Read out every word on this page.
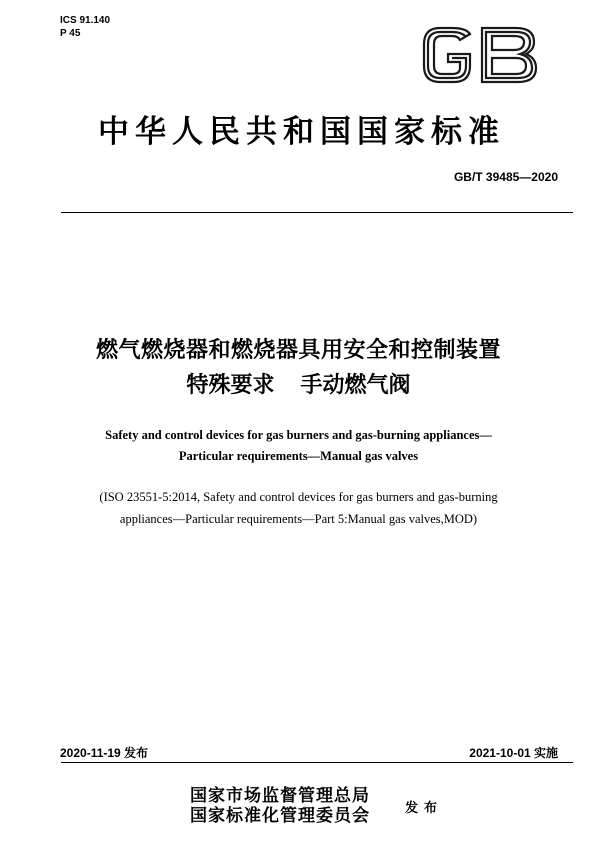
ICS 91.140
P 45
中华人民共和国国家标准
GB/T 39485—2020
燃气燃烧器和燃烧器具用安全和控制装置
特殊要求 手动燃气阀
Safety and control devices for gas burners and gas-burning appliances—
Particular requirements—Manual gas valves
(ISO 23551-5:2014, Safety and control devices for gas burners and gas-burning
appliances—Particular requirements—Part 5:Manual gas valves,MOD)
2020-11-19 发布	2021-10-01 实施
国家市场监督管理总局
国家标准化管理委员会	发布
